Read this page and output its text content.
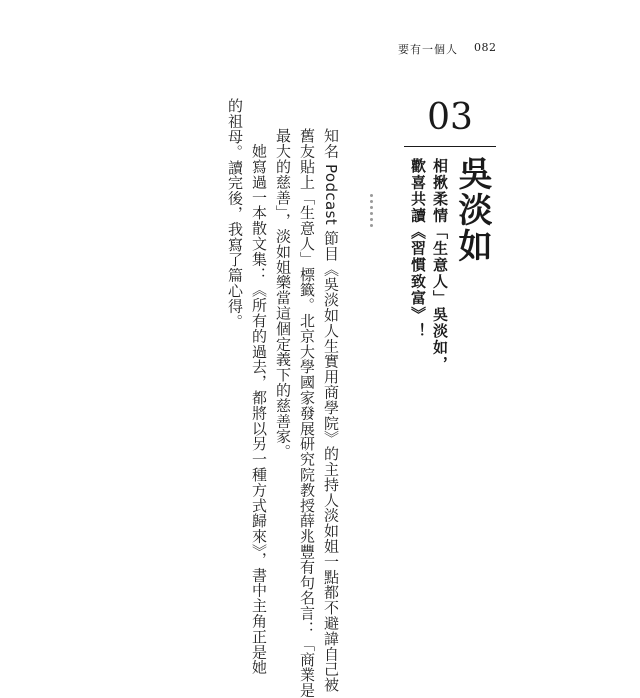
要有一個人 082
03
吳淡如
相揪柔情「生意人」吳淡如，
歡喜共讀《習慣致富》！
知名 Podcast 節目《吳淡如人生實用商學院》的主持人淡如姐一點都不避諱自己被
舊友貼上「生意人」標籤。北京大學國家發展研究院教授薛兆豐有句名言：「商業是
最大的慈善」，淡如姐樂當這個定義下的慈善家。
　她寫過一本散文集：《所有的過去，都將以另一種方式歸來》，書中主角正是她
的祖母。讀完後，我寫了篇心得。
